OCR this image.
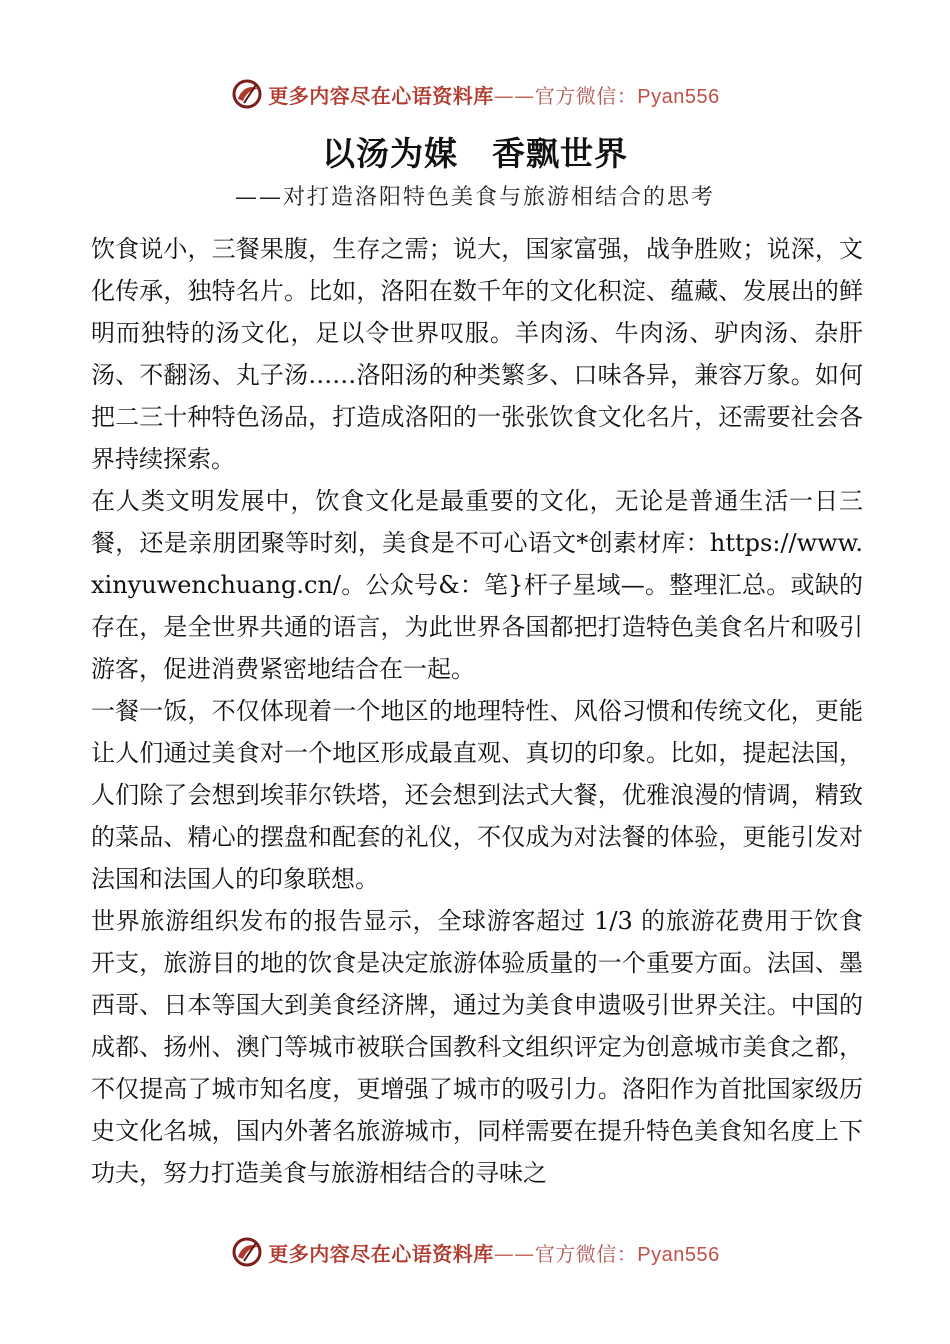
更多内容尽在心语资料库——官方微信：Pyan556
以汤为媒　香飘世界

——对打造洛阳特色美食与旅游相结合的思考

饮食说小，三餐果腹，生存之需；说大，国家富强，战争胜败；说深，文化传承，独特名片。比如，洛阳在数千年的文化积淀、蕴藏、发展出的鲜明而独特的汤文化，足以令世界叹服。羊肉汤、牛肉汤、驴肉汤、杂肝汤、不翻汤、丸子汤……洛阳汤的种类繁多、口味各异，兼容万象。如何把二三十种特色汤品，打造成洛阳的一张张饮食文化名片，还需要社会各界持续探索。

在人类文明发展中，饮食文化是最重要的文化，无论是普通生活一日三餐，还是亲朋团聚等时刻，美食是不可心语文*创素材库：https://www.xinyuwenchuang.cn/。公众号&：笔}杆子星域—。整理汇总。或缺的存在，是全世界共通的语言，为此世界各国都把打造特色美食名片和吸引游客，促进消费紧密地结合在一起。

一餐一饭，不仅体现着一个地区的地理特性、风俗习惯和传统文化，更能让人们通过美食对一个地区形成最直观、真切的印象。比如，提起法国，人们除了会想到埃菲尔铁塔，还会想到法式大餐，优雅浪漫的情调，精致的菜品、精心的摆盘和配套的礼仪，不仅成为对法餐的体验，更能引发对法国和法国人的印象联想。

世界旅游组织发布的报告显示，全球游客超过 1/3 的旅游花费用于饮食开支，旅游目的地的饮食是决定旅游体验质量的一个重要方面。法国、墨西哥、日本等国大到美食经济牌，通过为美食申遗吸引世界关注。中国的成都、扬州、澳门等城市被联合国教科文组织评定为创意城市美食之都，不仅提高了城市知名度，更增强了城市的吸引力。洛阳作为首批国家级历史文化名城，国内外著名旅游城市，同样需要在提升特色美食知名度上下功夫，努力打造美食与旅游相结合的寻味之

更多内容尽在心语资料库——官方微信：Pyan556
